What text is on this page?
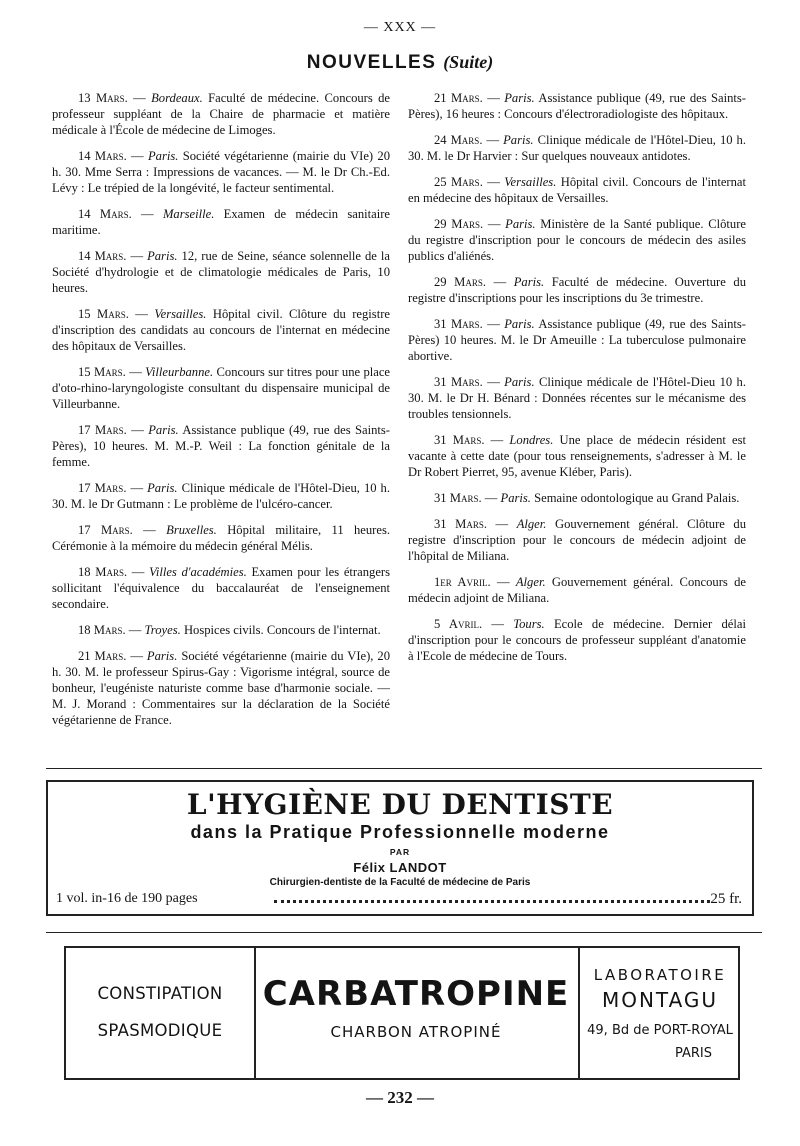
— XXX —
NOUVELLES (Suite)

13 Mars. — Bordeaux. Faculté de médecine. Concours de professeur suppléant de la Chaire de pharmacie et matière médicale à l'École de médecine de Limoges.

14 Mars. — Paris. Société végétarienne (mairie du VIe) 20 h. 30. Mme Serra : Impressions de vacances. — M. le Dr Ch.-Ed. Lévy : Le trépied de la longévité, le facteur sentimental.

14 Mars. — Marseille. Examen de médecin sanitaire maritime.

14 Mars. — Paris. 12, rue de Seine, séance solennelle de la Société d'hydrologie et de climatologie médicales de Paris, 10 heures.

15 Mars. — Versailles. Hôpital civil. Clôture du registre d'inscription des candidats au concours de l'internat en médecine des hôpitaux de Versailles.

15 Mars. — Villeurbanne. Concours sur titres pour une place d'oto-rhino-laryngologiste consultant du dispensaire municipal de Villeurbanne.

17 Mars. — Paris. Assistance publique (49, rue des Saints-Pères), 10 heures. M. M.-P. Weil : La fonction génitale de la femme.

17 Mars. — Paris. Clinique médicale de l'Hôtel-Dieu, 10 h. 30. M. le Dr Gutmann : Le problème de l'ulcéro-cancer.

17 Mars. — Bruxelles. Hôpital militaire, 11 heures. Cérémonie à la mémoire du médecin général Mélis.

18 Mars. — Villes d'académies. Examen pour les étrangers sollicitant l'équivalence du baccalauréat de l'enseignement secondaire.

18 Mars. — Troyes. Hospices civils. Concours de l'internat.

21 Mars. — Paris. Société végétarienne (mairie du VIe), 20 h. 30. M. le professeur Spirus-Gay : Vigorisme intégral, source de bonheur, l'eugéniste naturiste comme base d'harmonie sociale. — M. J. Morand : Commentaires sur la déclaration de la Société végétarienne de France.

21 Mars. — Paris. Assistance publique (49, rue des Saints-Pères), 16 heures : Concours d'électroradiologiste des hôpitaux.

24 Mars. — Paris. Clinique médicale de l'Hôtel-Dieu, 10 h. 30. M. le Dr Harvier : Sur quelques nouveaux antidotes.

25 Mars. — Versailles. Hôpital civil. Concours de l'internat en médecine des hôpitaux de Versailles.

29 Mars. — Paris. Ministère de la Santé publique. Clôture du registre d'inscription pour le concours de médecin des asiles publics d'aliénés.

29 Mars. — Paris. Faculté de médecine. Ouverture du registre d'inscriptions pour les inscriptions du 3e trimestre.

31 Mars. — Paris. Assistance publique (49, rue des Saints-Pères) 10 heures. M. le Dr Ameuille : La tuberculose pulmonaire abortive.

31 Mars. — Paris. Clinique médicale de l'Hôtel-Dieu 10 h. 30. M. le Dr H. Bénard : Données récentes sur le mécanisme des troubles tensionnels.

31 Mars. — Londres. Une place de médecin résident est vacante à cette date (pour tous renseignements, s'adresser à M. le Dr Robert Pierret, 95, avenue Kléber, Paris).

31 Mars. — Paris. Semaine odontologique au Grand Palais.

31 Mars. — Alger. Gouvernement général. Clôture du registre d'inscription pour le concours de médecin adjoint de l'hôpital de Miliana.

1er Avril. — Alger. Gouvernement général. Concours de médecin adjoint de Miliana.

5 Avril. — Tours. Ecole de médecine. Dernier délai d'inscription pour le concours de professeur suppléant d'anatomie à l'Ecole de médecine de Tours.

L'HYGIÈNE DU DENTISTE
dans la Pratique Professionnelle moderne
PAR
Félix LANDOT
Chirurgien-dentiste de la Faculté de médecine de Paris
1 vol. in-16 de 190 pages	25 fr.
CONSTIPATION
SPASMODIQUE
CARBATROPINE
CHARBON ATROPINÉ
LABORATOIRE
MONTAGU
49, Bd de PORT-ROYAL
PARIS
— 232 —
